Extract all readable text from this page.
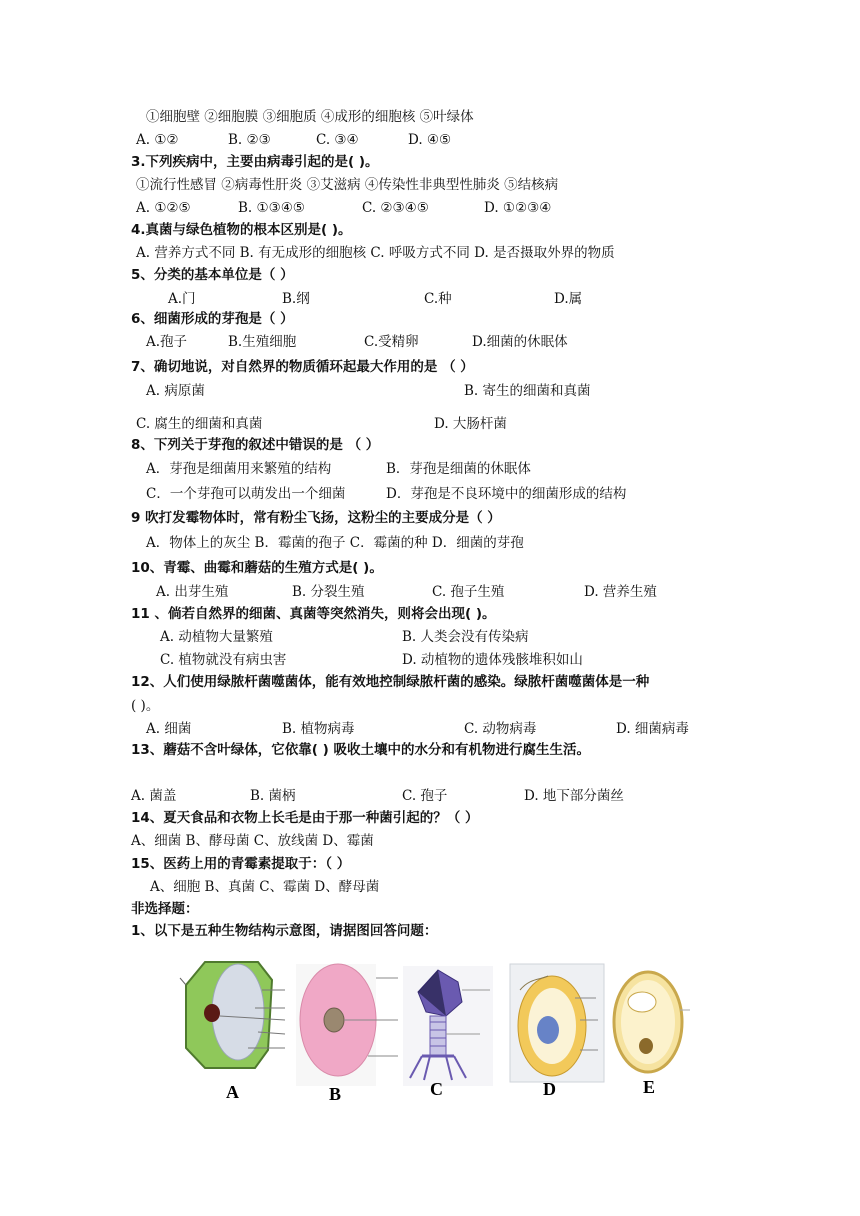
①细胞壁 ②细胞膜 ③细胞质 ④成形的细胞核 ⑤叶绿体
A. ①②	B. ②③	C. ③④	D. ④⑤
3.下列疾病中，主要由病毒引起的是( )。
①流行性感冒 ②病毒性肝炎 ③艾滋病 ④传染性非典型性肺炎 ⑤结核病
A. ①②⑤	B. ①③④⑤	C. ②③④⑤	D. ①②③④
4.真菌与绿色植物的根本区别是( )。
A. 营养方式不同 B. 有无成形的细胞核 C. 呼吸方式不同 D. 是否摄取外界的物质
5、分类的基本单位是（ ）
A.门	B.纲	C.种	D.属
6、细菌形成的芽孢是（ ）
A.孢子	B.生殖细胞	C.受精卵	D.细菌的休眠体
7、确切地说，对自然界的物质循环起最大作用的是 （ ）
A. 病原菌	B. 寄生的细菌和真菌
C. 腐生的细菌和真菌	D. 大肠杆菌
8、下列关于芽孢的叙述中错误的是 （ ）
A．芽孢是细菌用来繁殖的结构	B．芽孢是细菌的休眠体
C．一个芽孢可以萌发出一个细菌	D．芽孢是不良环境中的细菌形成的结构
9 吹打发霉物体时，常有粉尘飞扬，这粉尘的主要成分是（ ）
A．物体上的灰尘 B．霉菌的孢子 C．霉菌的种 D．细菌的芽孢
10、青霉、曲霉和蘑菇的生殖方式是( )。
A. 出芽生殖	B. 分裂生殖	C. 孢子生殖	D. 营养生殖
11 、倘若自然界的细菌、真菌等突然消失，则将会出现( )。
A. 动植物大量繁殖	B. 人类会没有传染病
C. 植物就没有病虫害	D. 动植物的遗体残骸堆积如山
12、人们使用绿脓杆菌噬菌体，能有效地控制绿脓杆菌的感染。绿脓杆菌噬菌体是一种
( )。
A. 细菌	B. 植物病毒	C. 动物病毒	D. 细菌病毒
13、蘑菇不含叶绿体，它依靠( ) 吸收土壤中的水分和有机物进行腐生生活。
A. 菌盖	B. 菌柄	C. 孢子	D. 地下部分菌丝
14、夏天食品和衣物上长毛是由于那一种菌引起的？（ ）
A、细菌 B、酵母菌 C、放线菌 D、霉菌
15、医药上用的青霉素提取于：（ ）
A、细胞 B、真菌 C、霉菌 D、酵母菌
非选择题：
1、以下是五种生物结构示意图，请据图回答问题：
A	B	C	D	E
